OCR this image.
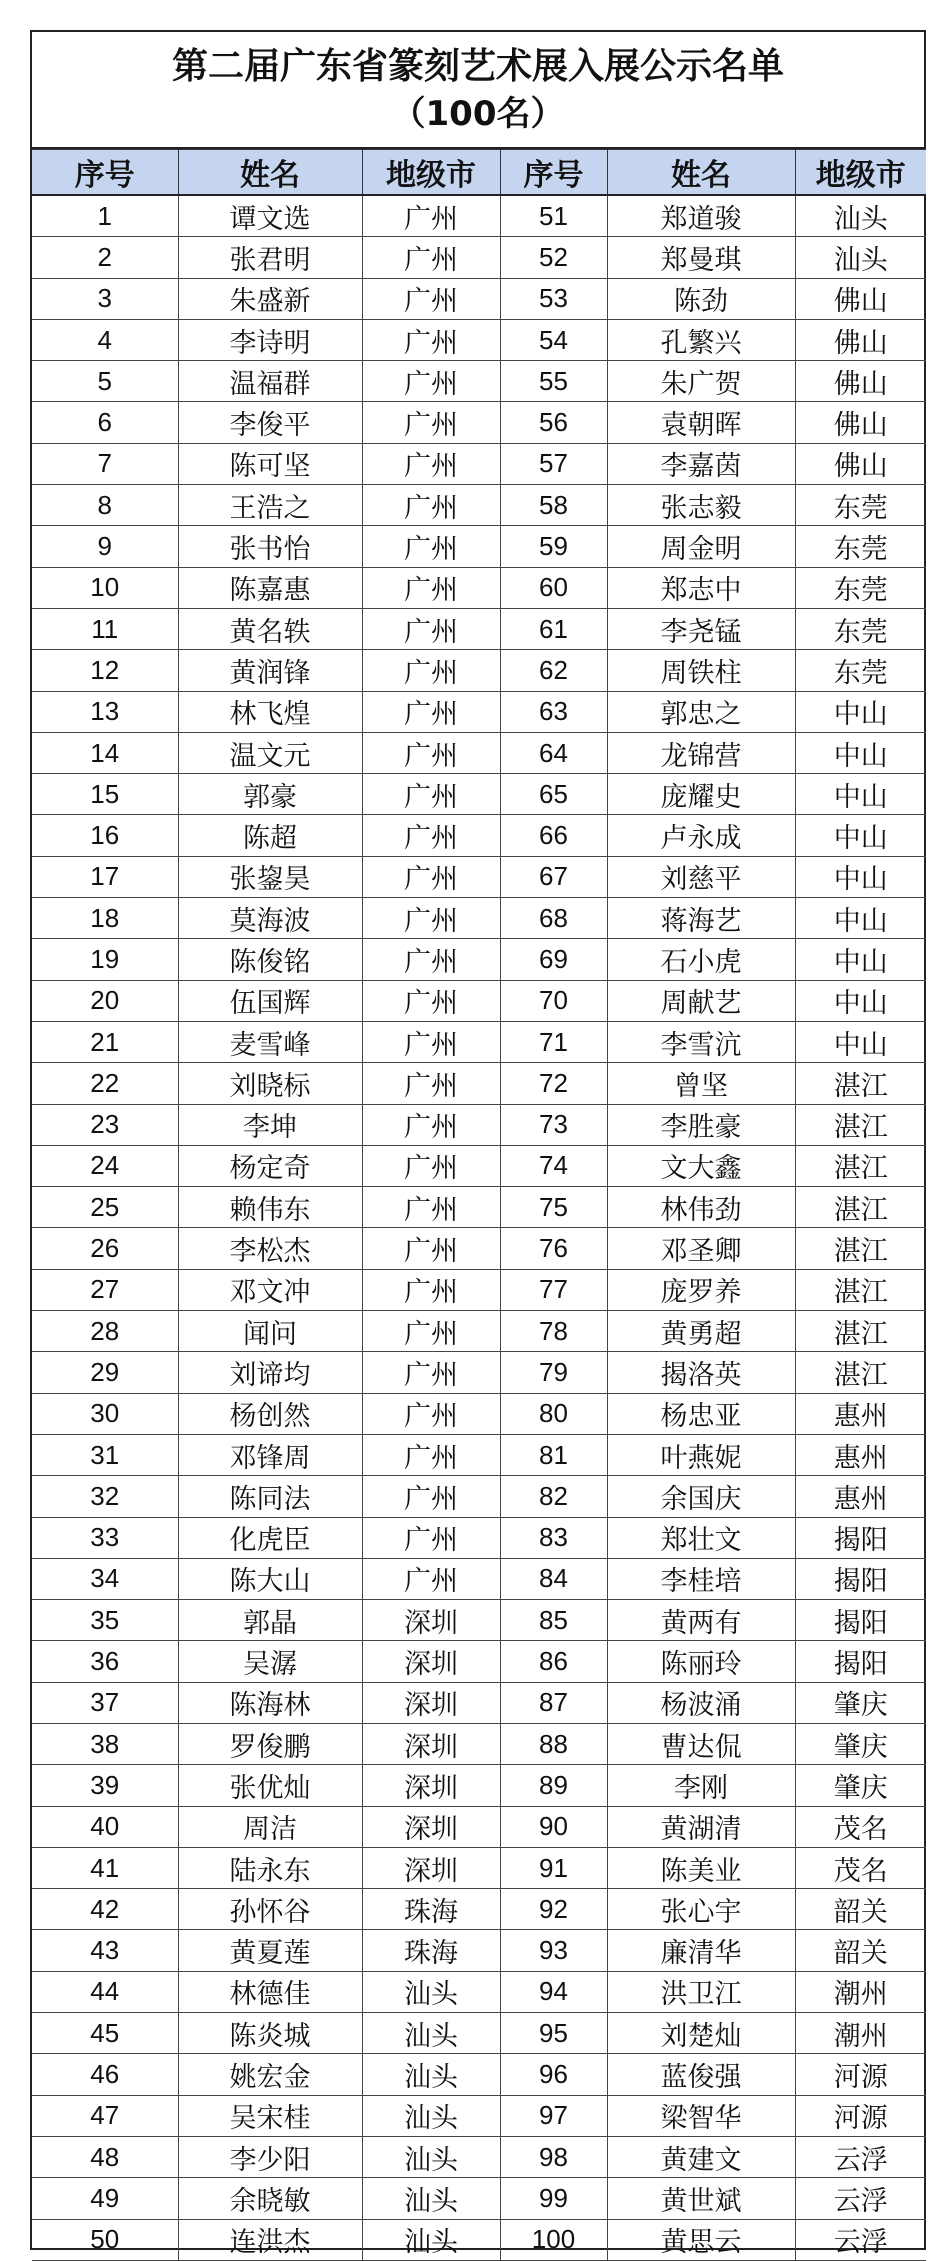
第二届广东省篆刻艺术展入展公示名单
（100名）
序号	姓名	地级市	序号	姓名	地级市
1	谭文选	广州	51	郑道骏	汕头
2	张君明	广州	52	郑曼琪	汕头
3	朱盛新	广州	53	陈劲	佛山
4	李诗明	广州	54	孔繁兴	佛山
5	温福群	广州	55	朱广贺	佛山
6	李俊平	广州	56	袁朝晖	佛山
7	陈可坚	广州	57	李嘉茵	佛山
8	王浩之	广州	58	张志毅	东莞
9	张书怡	广州	59	周金明	东莞
10	陈嘉惠	广州	60	郑志中	东莞
11	黄名轶	广州	61	李尧锰	东莞
12	黄润锋	广州	62	周铁柱	东莞
13	林飞煌	广州	63	郭忠之	中山
14	温文元	广州	64	龙锦营	中山
15	郭豪	广州	65	庞耀史	中山
16	陈超	广州	66	卢永成	中山
17	张鋆昊	广州	67	刘慈平	中山
18	莫海波	广州	68	蒋海艺	中山
19	陈俊铭	广州	69	石小虎	中山
20	伍国辉	广州	70	周献艺	中山
21	麦雪峰	广州	71	李雪沆	中山
22	刘晓标	广州	72	曾坚	湛江
23	李坤	广州	73	李胜豪	湛江
24	杨定奇	广州	74	文大鑫	湛江
25	赖伟东	广州	75	林伟劲	湛江
26	李松杰	广州	76	邓圣卿	湛江
27	邓文冲	广州	77	庞罗养	湛江
28	闻问	广州	78	黄勇超	湛江
29	刘谛均	广州	79	揭洛英	湛江
30	杨创然	广州	80	杨忠亚	惠州
31	邓锋周	广州	81	叶燕妮	惠州
32	陈同法	广州	82	余国庆	惠州
33	化虎臣	广州	83	郑壮文	揭阳
34	陈大山	广州	84	李桂培	揭阳
35	郭晶	深圳	85	黄两有	揭阳
36	吴潺	深圳	86	陈丽玲	揭阳
37	陈海林	深圳	87	杨波涌	肇庆
38	罗俊鹏	深圳	88	曹达侃	肇庆
39	张优灿	深圳	89	李刚	肇庆
40	周洁	深圳	90	黄湖清	茂名
41	陆永东	深圳	91	陈美业	茂名
42	孙怀谷	珠海	92	张心宇	韶关
43	黄夏莲	珠海	93	廉清华	韶关
44	林德佳	汕头	94	洪卫江	潮州
45	陈炎城	汕头	95	刘楚灿	潮州
46	姚宏金	汕头	96	蓝俊强	河源
47	吴宋桂	汕头	97	梁智华	河源
48	李少阳	汕头	98	黄建文	云浮
49	余晓敏	汕头	99	黄世斌	云浮
50	连洪杰	汕头	100	黄思云	云浮
